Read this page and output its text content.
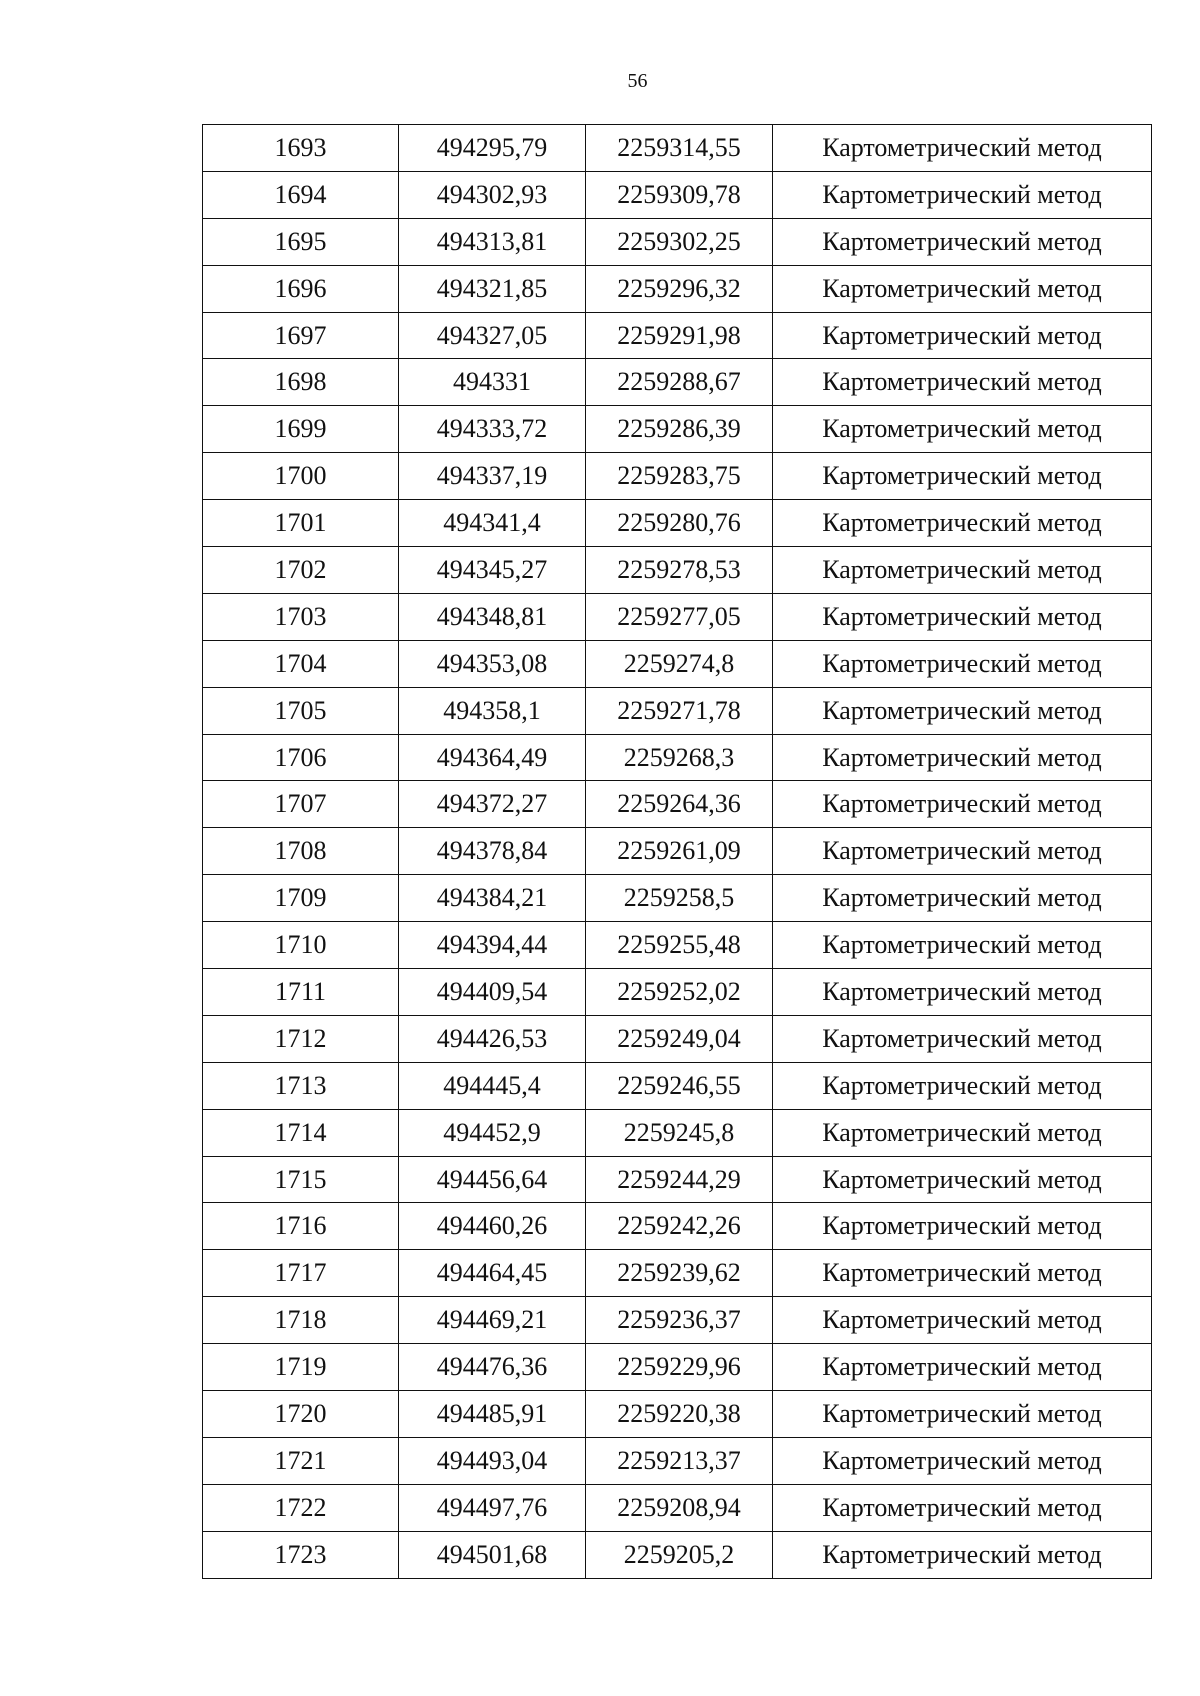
56
1693	494295,79	2259314,55	Картометрический метод
1694	494302,93	2259309,78	Картометрический метод
1695	494313,81	2259302,25	Картометрический метод
1696	494321,85	2259296,32	Картометрический метод
1697	494327,05	2259291,98	Картометрический метод
1698	494331	2259288,67	Картометрический метод
1699	494333,72	2259286,39	Картометрический метод
1700	494337,19	2259283,75	Картометрический метод
1701	494341,4	2259280,76	Картометрический метод
1702	494345,27	2259278,53	Картометрический метод
1703	494348,81	2259277,05	Картометрический метод
1704	494353,08	2259274,8	Картометрический метод
1705	494358,1	2259271,78	Картометрический метод
1706	494364,49	2259268,3	Картометрический метод
1707	494372,27	2259264,36	Картометрический метод
1708	494378,84	2259261,09	Картометрический метод
1709	494384,21	2259258,5	Картометрический метод
1710	494394,44	2259255,48	Картометрический метод
1711	494409,54	2259252,02	Картометрический метод
1712	494426,53	2259249,04	Картометрический метод
1713	494445,4	2259246,55	Картометрический метод
1714	494452,9	2259245,8	Картометрический метод
1715	494456,64	2259244,29	Картометрический метод
1716	494460,26	2259242,26	Картометрический метод
1717	494464,45	2259239,62	Картометрический метод
1718	494469,21	2259236,37	Картометрический метод
1719	494476,36	2259229,96	Картометрический метод
1720	494485,91	2259220,38	Картометрический метод
1721	494493,04	2259213,37	Картометрический метод
1722	494497,76	2259208,94	Картометрический метод
1723	494501,68	2259205,2	Картометрический метод
